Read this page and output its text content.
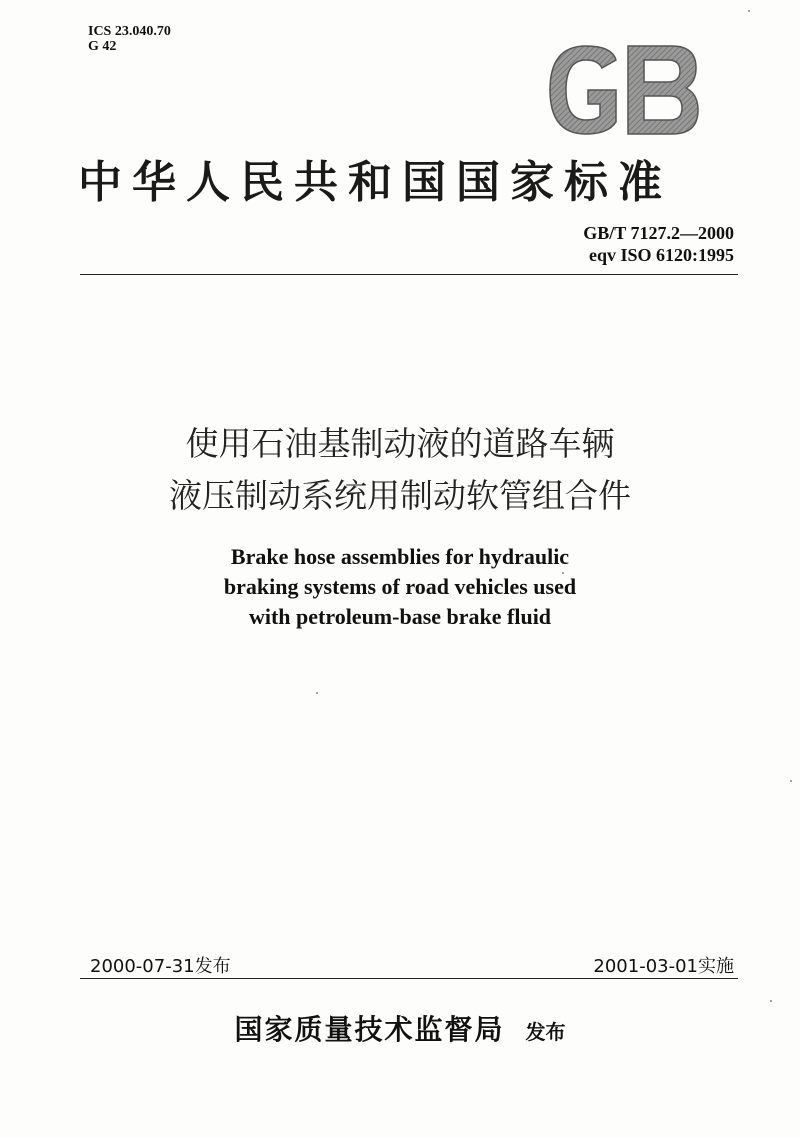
ICS 23.040.70
G 42
中华人民共和国国家标准
GB/T 7127.2—2000
eqv ISO 6120:1995
使用石油基制动液的道路车辆
液压制动系统用制动软管组合件
Brake hose assemblies for hydraulic
braking systems of road vehicles used
with petroleum-base brake fluid
2000-07-31发布	2001-03-01实施
国家质量技术监督局 发布
